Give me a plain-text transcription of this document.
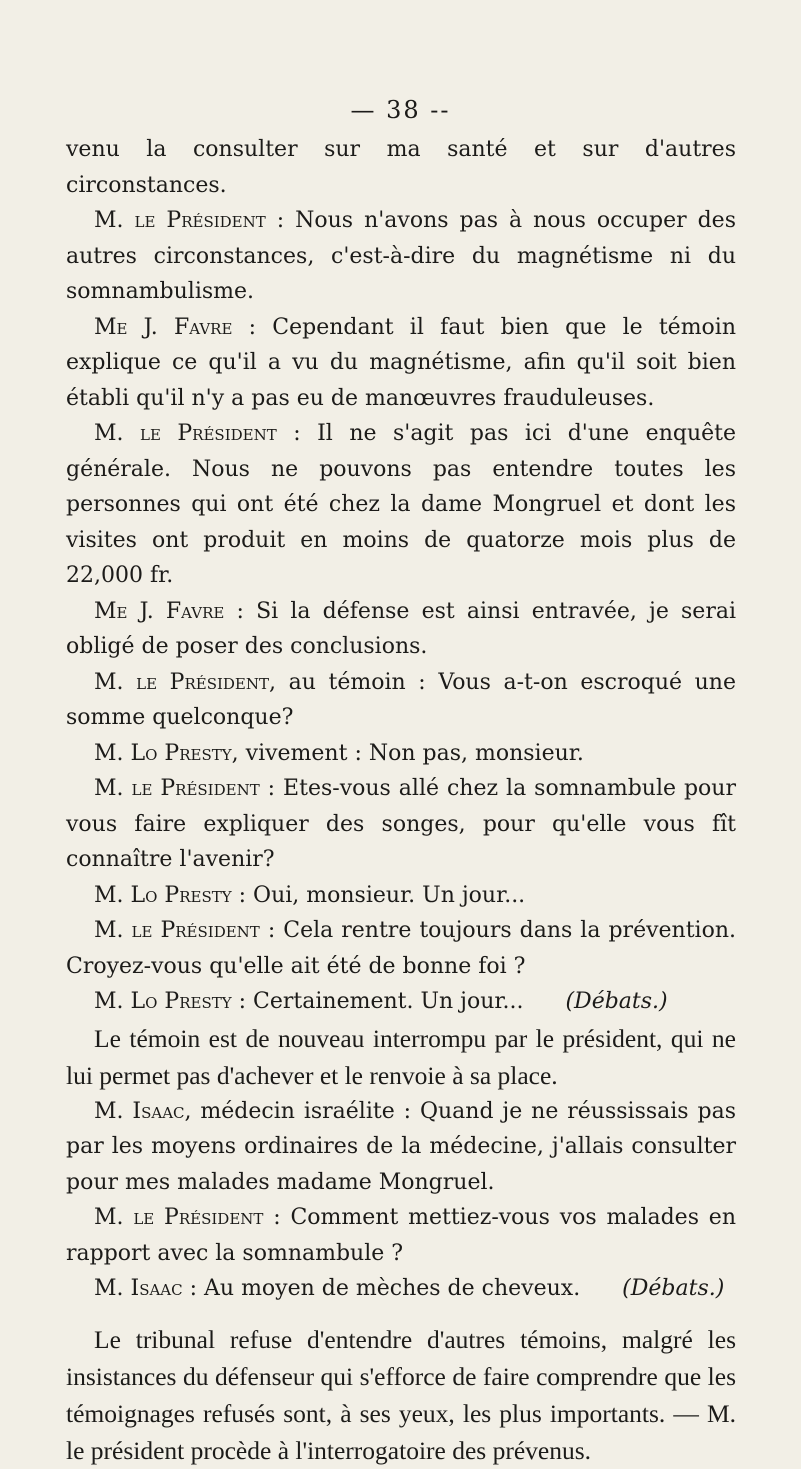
— 38 --

venu la consulter sur ma santé et sur d'autres circonstances.

M. le Président : Nous n'avons pas à nous occuper des autres circonstances, c'est-à-dire du magnétisme ni du somnambulisme.

Me J. Favre : Cependant il faut bien que le témoin explique ce qu'il a vu du magnétisme, afin qu'il soit bien établi qu'il n'y a pas eu de manœuvres frauduleuses.

M. le Président : Il ne s'agit pas ici d'une enquête générale. Nous ne pouvons pas entendre toutes les personnes qui ont été chez la dame Mongruel et dont les visites ont produit en moins de quatorze mois plus de 22,000 fr.

Me J. Favre : Si la défense est ainsi entravée, je serai obligé de poser des conclusions.

M. le Président, au témoin : Vous a-t-on escroqué une somme quelconque?

M. Lo Presty, vivement : Non pas, monsieur.

M. le Président : Etes-vous allé chez la somnambule pour vous faire expliquer des songes, pour qu'elle vous fît connaître l'avenir?

M. Lo Presty : Oui, monsieur. Un jour...

M. le Président : Cela rentre toujours dans la prévention. Croyez-vous qu'elle ait été de bonne foi ?

M. Lo Presty : Certainement. Un jour... (Débats.)

Le témoin est de nouveau interrompu par le président, qui ne lui permet pas d'achever et le renvoie à sa place.

M. Isaac, médecin israélite : Quand je ne réussissais pas par les moyens ordinaires de la médecine, j'allais consulter pour mes malades madame Mongruel.

M. le Président : Comment mettiez-vous vos malades en rapport avec la somnambule ?

M. Isaac : Au moyen de mèches de cheveux. (Débats.)

Le tribunal refuse d'entendre d'autres témoins, malgré les insistances du défenseur qui s'efforce de faire comprendre que les témoignages refusés sont, à ses yeux, les plus importants. — M. le président procède à l'interrogatoire des prévenus.
